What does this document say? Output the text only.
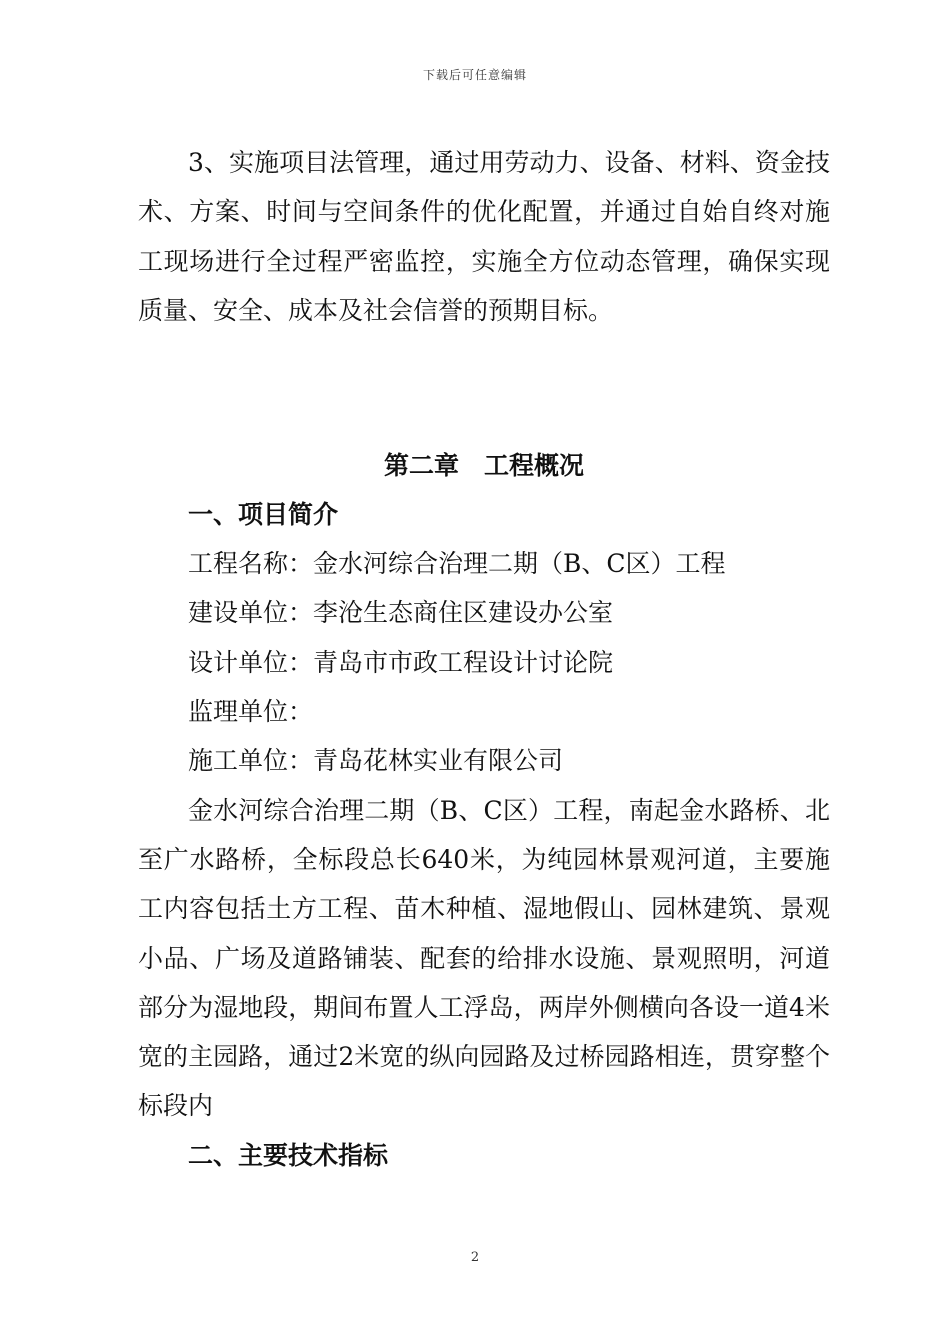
下载后可任意编辑

3、实施项目法管理，通过用劳动力、设备、材料、资金技术、方案、时间与空间条件的优化配置，并通过自始自终对施工现场进行全过程严密监控，实施全方位动态管理，确保实现质量、安全、成本及社会信誉的预期目标。

第二章　工程概况
一、项目简介

工程名称：金水河综合治理二期（B、C区）工程

建设单位：李沧生态商住区建设办公室

设计单位：青岛市市政工程设计讨论院

监理单位：

施工单位：青岛花林实业有限公司

金水河综合治理二期（B、C区）工程，南起金水路桥、北至广水路桥，全标段总长640米，为纯园林景观河道，主要施工内容包括土方工程、苗木种植、湿地假山、园林建筑、景观小品、广场及道路铺装、配套的给排水设施、景观照明，河道部分为湿地段，期间布置人工浮岛，两岸外侧横向各设一道4米宽的主园路，通过2米宽的纵向园路及过桥园路相连，贯穿整个标段内

二、主要技术指标
2
